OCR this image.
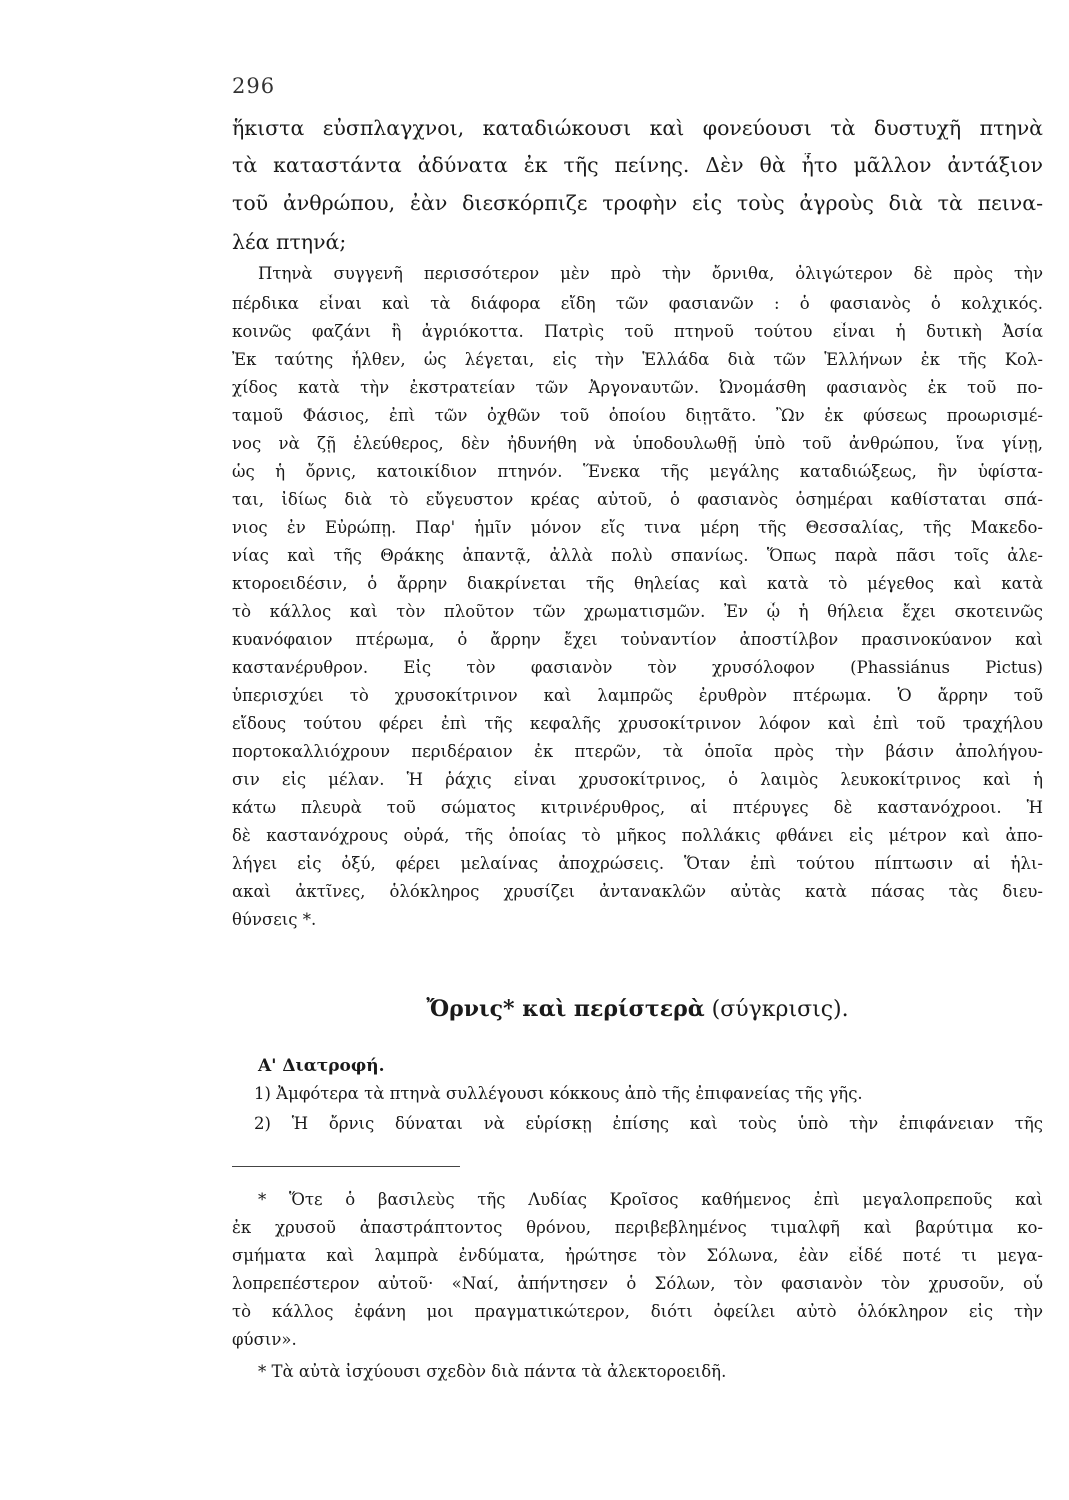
296
ἥκιστα εὐσπλαγχνοι, καταδιώκουσι καὶ φονεύουσι τὰ δυστυχῆ πτηνὰ
τὰ καταστάντα ἀδύνατα ἐκ τῆς πείνης. Δὲν θὰ ἦτο μᾶλλον ἀντάξιον
τοῦ ἀνθρώπου, ἐὰν διεσκόρπιζε τροφὴν εἰς τοὺς ἀγροὺς διὰ τὰ πεινα-
λέα πτηνά;
Πτηνὰ συγγενῆ περισσότερον μὲν πρὸ τὴν ὄρνιθα, ὀλιγώτερον δὲ πρὸς τὴν
πέρδικα εἶναι καὶ τὰ διάφορα εἴδη τῶν φασιανῶν : ὁ φασιανὸς ὁ κολχικός.
κοινῶς φαζάνι ἢ ἀγριόκοττα. Πατρὶς τοῦ πτηνοῦ τούτου εἶναι ἡ δυτικὴ Ἀσία
Ἐκ ταύτης ἦλθεν, ὡς λέγεται, εἰς τὴν Ἑλλάδα διὰ τῶν Ἑλλήνων ἐκ τῆς Κολ-
χίδος κατὰ τὴν ἐκστρατείαν τῶν Ἀργοναυτῶν. Ὠνομάσθη φασιανὸς ἐκ τοῦ πο-
ταμοῦ Φάσιος, ἐπὶ τῶν ὀχθῶν τοῦ ὁποίου διῃτᾶτο. Ὢν ἐκ φύσεως προωρισμέ-
νος νὰ ζῇ ἐλεύθερος, δὲν ἠδυνήθη νὰ ὑποδουλωθῇ ὑπὸ τοῦ ἀνθρώπου, ἵνα γίνῃ,
ὡς ἡ ὄρνις, κατοικίδιον πτηνόν. Ἕνεκα τῆς μεγάλης καταδιώξεως, ἣν ὑφίστα-
ται, ἰδίως διὰ τὸ εὔγευστον κρέας αὐτοῦ, ὁ φασιανὸς ὁσημέραι καθίσταται σπά-
νιος ἐν Εὐρώπῃ. Παρ' ἡμῖν μόνον εἴς τινα μέρη τῆς Θεσσαλίας, τῆς Μακεδο-
νίας καὶ τῆς Θράκης ἀπαντᾷ, ἀλλὰ πολὺ σπανίως. Ὅπως παρὰ πᾶσι τοῖς ἀλε-
κτοροειδέσιν, ὁ ἄρρην διακρίνεται τῆς θηλείας καὶ κατὰ τὸ μέγεθος καὶ κατὰ
τὸ κάλλος καὶ τὸν πλοῦτον τῶν χρωματισμῶν. Ἐν ᾧ ἡ θήλεια ἔχει σκοτεινῶς
κυανόφαιον πτέρωμα, ὁ ἄρρην ἔχει τοὐναντίον ἀποστίλβον πρασινοκύανον καὶ
καστανέρυθρον. Εἰς τὸν φασιανὸν τὸν χρυσόλοφον (Phassiánus Pictus)
ὑπερισχύει τὸ χρυσοκίτρινον καὶ λαμπρῶς ἐρυθρὸν πτέρωμα. Ὁ ἄρρην τοῦ
εἴδους τούτου φέρει ἐπὶ τῆς κεφαλῆς χρυσοκίτρινον λόφον καὶ ἐπὶ τοῦ τραχήλου
πορτοκαλλιόχρουν περιδέραιον ἐκ πτερῶν, τὰ ὁποῖα πρὸς τὴν βάσιν ἀπολήγου-
σιν εἰς μέλαν. Ἡ ῥάχις εἶναι χρυσοκίτρινος, ὁ λαιμὸς λευκοκίτρινος καὶ ἡ
κάτω πλευρὰ τοῦ σώματος κιτρινέρυθρος, αἱ πτέρυγες δὲ καστανόχροοι. Ἡ
δὲ καστανόχρους οὐρά, τῆς ὁποίας τὸ μῆκος πολλάκις φθάνει εἰς μέτρον καὶ ἀπο-
λήγει εἰς ὀξύ, φέρει μελαίνας ἀποχρώσεις. Ὅταν ἐπὶ τούτου πίπτωσιν αἱ ἡλι-
ακαὶ ἀκτῖνες, ὁλόκληρος χρυσίζει ἀντανακλῶν αὐτὰς κατὰ πάσας τὰς διευ-
θύνσεις *.
Ὄρνις* καὶ περίστερὰ (σύγκρισις).
Α' Διατροφή.
1) Ἀμφότερα τὰ πτηνὰ συλλέγουσι κόκκους ἀπὸ τῆς ἐπιφανείας τῆς γῆς.
2) Ἡ ὄρνις δύναται νὰ εὑρίσκῃ ἐπίσης καὶ τοὺς ὑπὸ τὴν ἐπιφάνειαν τῆς
* Ὅτε ὁ βασιλεὺς τῆς Λυδίας Κροῖσος καθήμενος ἐπὶ μεγαλοπρεποῦς καὶ
ἐκ χρυσοῦ ἀπαστράπτοντος θρόνου, περιβεβλημένος τιμαλφῆ καὶ βαρύτιμα κο-
σμήματα καὶ λαμπρὰ ἐνδύματα, ἠρώτησε τὸν Σόλωνα, ἐὰν εἶδέ ποτέ τι μεγα-
λοπρεπέστερον αὐτοῦ· «Ναί, ἀπήντησεν ὁ Σόλων, τὸν φασιανὸν τὸν χρυσοῦν, οὗ
τὸ κάλλος ἐφάνη μοι πραγματικώτερον, διότι ὀφείλει αὐτὸ ὁλόκληρον εἰς τὴν
φύσιν».
* Τὰ αὐτὰ ἰσχύουσι σχεδὸν διὰ πάντα τὰ ἀλεκτοροειδῆ.
